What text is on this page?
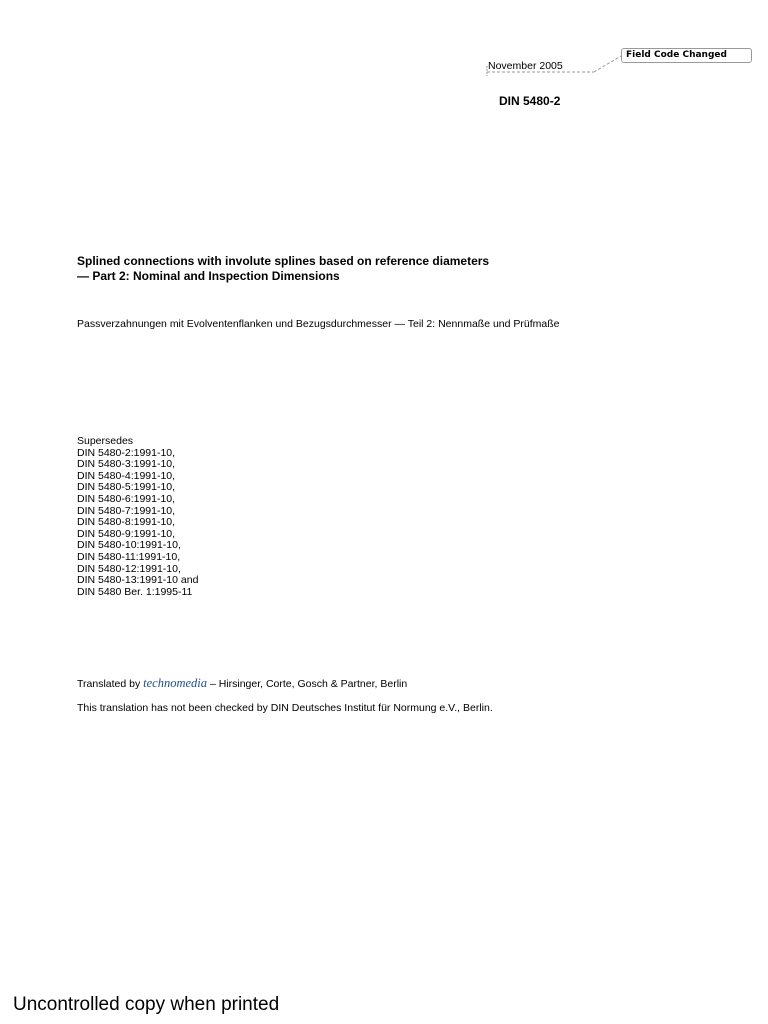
Field Code Changed
November 2005
DIN 5480-2
Splined connections with involute splines based on reference diameters
— Part 2: Nominal and Inspection Dimensions
Passverzahnungen mit Evolventenflanken und Bezugsdurchmesser — Teil 2: Nennmaße und Prüfmaße
Supersedes
DIN 5480-2:1991-10,
DIN 5480-3:1991-10,
DIN 5480-4:1991-10,
DIN 5480-5:1991-10,
DIN 5480-6:1991-10,
DIN 5480-7:1991-10,
DIN 5480-8:1991-10,
DIN 5480-9:1991-10,
DIN 5480-10:1991-10,
DIN 5480-11:1991-10,
DIN 5480-12:1991-10,
DIN 5480-13:1991-10 and
DIN 5480 Ber. 1:1995-11
Translated by technomedia – Hirsinger, Corte, Gosch & Partner, Berlin
This translation has not been checked by DIN Deutsches Institut für Normung e.V., Berlin.
Uncontrolled copy when printed
